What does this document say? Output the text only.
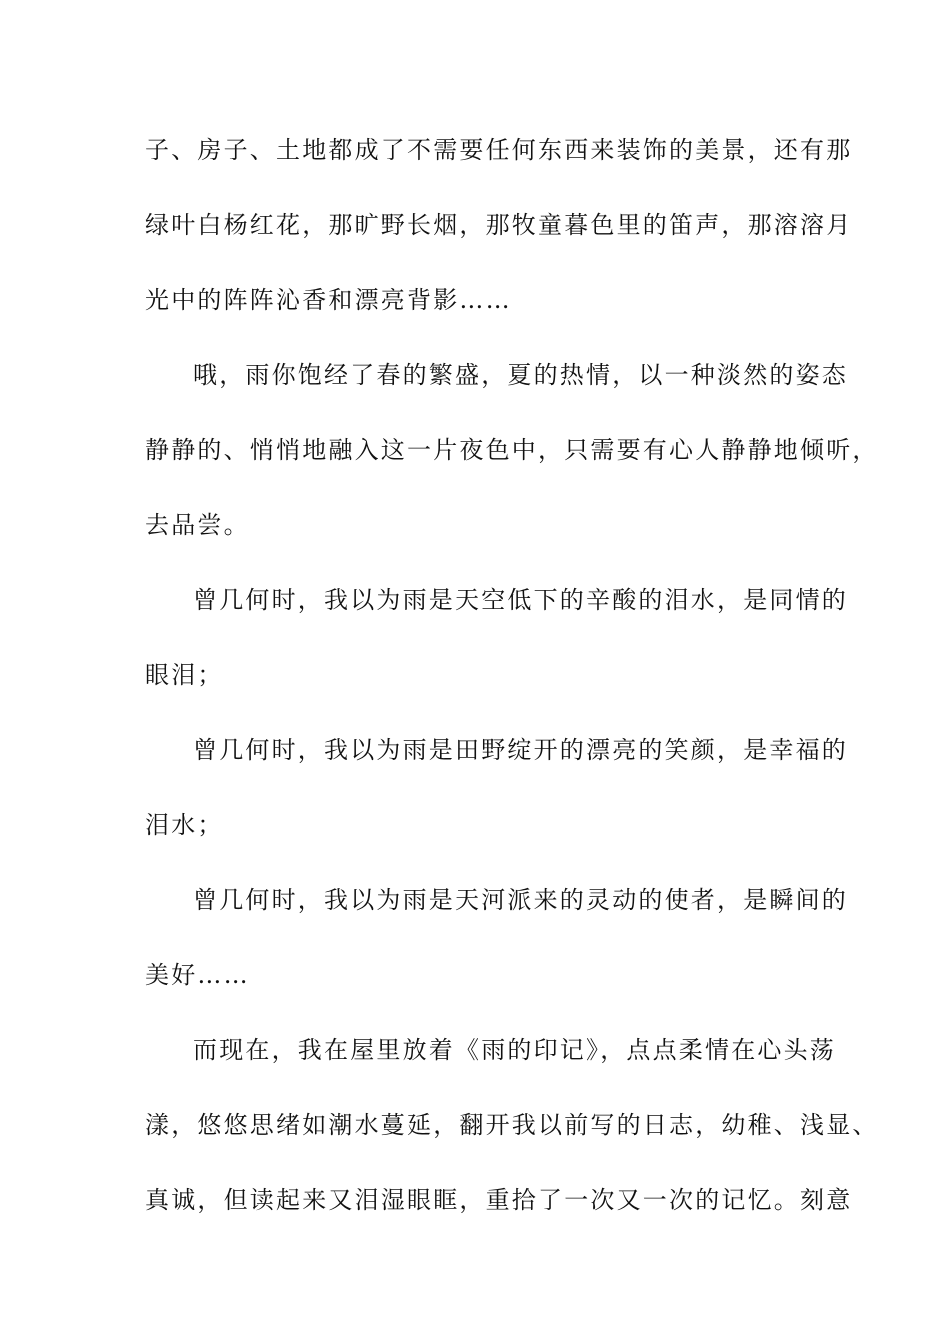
子、房子、土地都成了不需要任何东西来装饰的美景，还有那
绿叶白杨红花，那旷野长烟，那牧童暮色里的笛声，那溶溶月
光中的阵阵沁香和漂亮背影……
哦，雨你饱经了春的繁盛，夏的热情，以一种淡然的姿态
静静的、悄悄地融入这一片夜色中，只需要有心人静静地倾听，
去品尝。
曾几何时，我以为雨是天空低下的辛酸的泪水，是同情的
眼泪；
曾几何时，我以为雨是田野绽开的漂亮的笑颜，是幸福的
泪水；
曾几何时，我以为雨是天河派来的灵动的使者，是瞬间的
美好……
而现在，我在屋里放着《雨的印记》，点点柔情在心头荡
漾，悠悠思绪如潮水蔓延，翻开我以前写的日志，幼稚、浅显、
真诚，但读起来又泪湿眼眶，重拾了一次又一次的记忆。刻意
